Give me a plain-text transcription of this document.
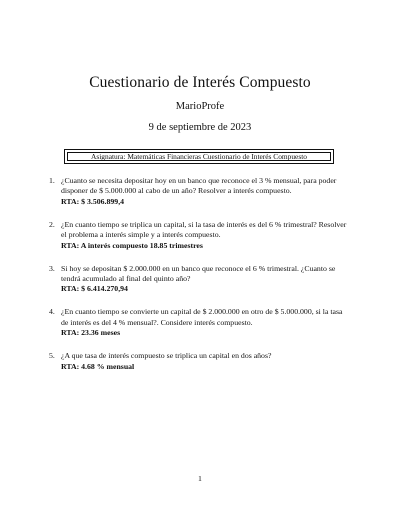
Cuestionario de Interés Compuesto
MarioProfe
9 de septiembre de 2023
Asignatura: Matemáticas Financieras Cuestionario de Interés Compuesto
1. ¿Cuanto se necesita depositar hoy en un banco que reconoce el 3 % mensual, para poder disponer de $ 5.000.000 al cabo de un año? Resolver a interés compuesto.
RTA: $ 3.506.899,4
2. ¿En cuanto tiempo se triplica un capital, si la tasa de interés es del 6 % trimestral? Resolver el problema a interés simple y a interés compuesto.
RTA: A interés compuesto 18.85 trimestres
3. Si hoy se depositan $ 2.000.000 en un banco que reconoce el 6 % trimestral. ¿Cuanto se tendrá acumulado al final del quinto año?
RTA: $ 6.414.270,94
4. ¿En cuanto tiempo se convierte un capital de $ 2.000.000 en otro de $ 5.000.000, si la tasa de interés es del 4 % mensual?. Considere interés compuesto.
RTA: 23.36 meses
5. ¿A que tasa de interés compuesto se triplica un capital en dos años?
RTA: 4.68 % mensual
1
